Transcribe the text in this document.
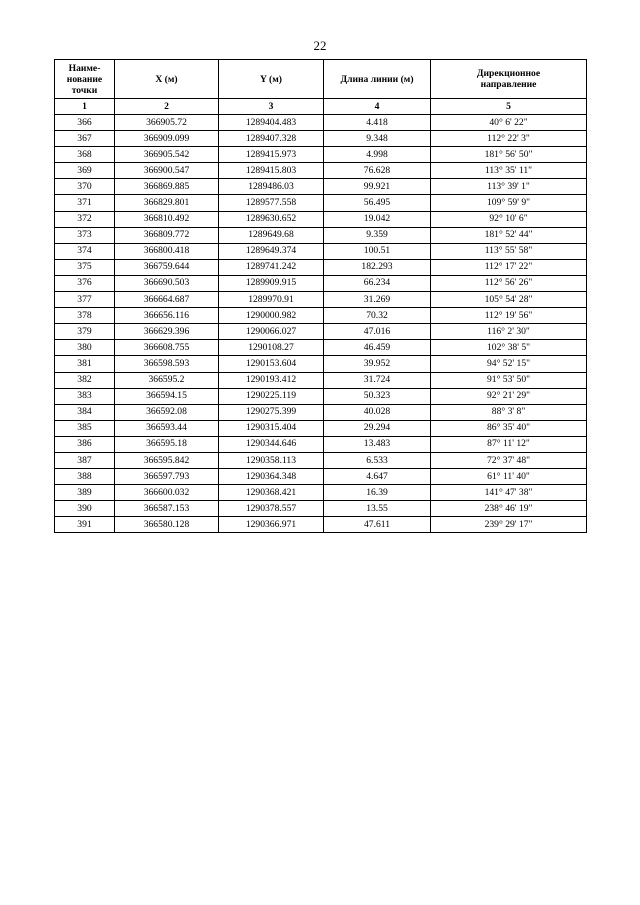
22
Наиме-
нование
точки	X (м)	Y (м)	Длина линии (м)	Дирекционное
направление
1	2	3	4	5
366	366905.72	1289404.483	4.418	40° 6' 22"
367	366909.099	1289407.328	9.348	112° 22' 3"
368	366905.542	1289415.973	4.998	181° 56' 50"
369	366900.547	1289415.803	76.628	113° 35' 11"
370	366869.885	1289486.03	99.921	113° 39' 1"
371	366829.801	1289577.558	56.495	109° 59' 9"
372	366810.492	1289630.652	19.042	92° 10' 6"
373	366809.772	1289649.68	9.359	181° 52' 44"
374	366800.418	1289649.374	100.51	113° 55' 58"
375	366759.644	1289741.242	182.293	112° 17' 22"
376	366690.503	1289909.915	66.234	112° 56' 26"
377	366664.687	1289970.91	31.269	105° 54' 28"
378	366656.116	1290000.982	70.32	112° 19' 56"
379	366629.396	1290066.027	47.016	116° 2' 30"
380	366608.755	1290108.27	46.459	102° 38' 5"
381	366598.593	1290153.604	39.952	94° 52' 15"
382	366595.2	1290193.412	31.724	91° 53' 50"
383	366594.15	1290225.119	50.323	92° 21' 29"
384	366592.08	1290275.399	40.028	88° 3' 8"
385	366593.44	1290315.404	29.294	86° 35' 40"
386	366595.18	1290344.646	13.483	87° 11' 12"
387	366595.842	1290358.113	6.533	72° 37' 48"
388	366597.793	1290364.348	4.647	61° 11' 40"
389	366600.032	1290368.421	16.39	141° 47' 38"
390	366587.153	1290378.557	13.55	238° 46' 19"
391	366580.128	1290366.971	47.611	239° 29' 17"
